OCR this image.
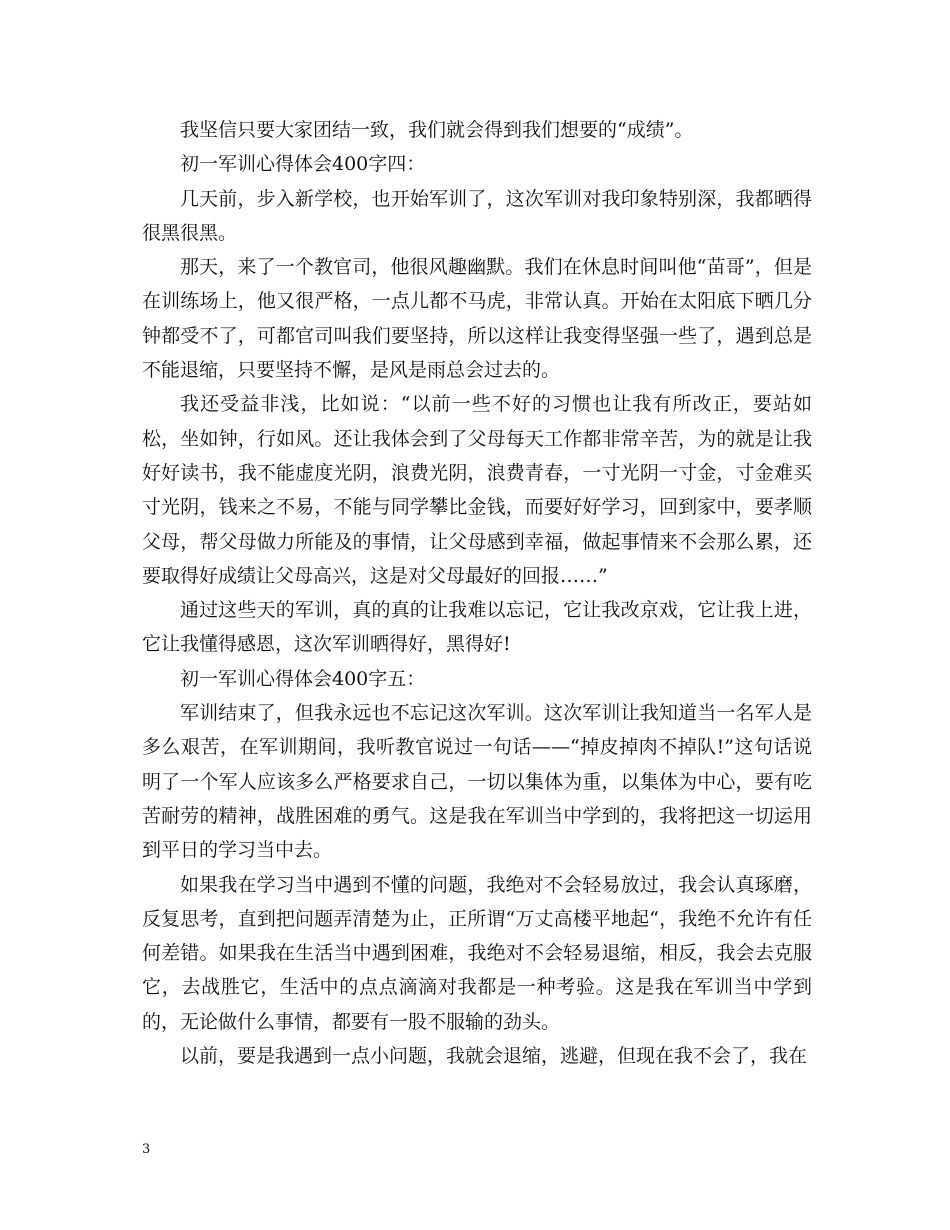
我坚信只要大家团结一致，我们就会得到我们想要的“成绩”。

初一军训心得体会400字四：

几天前，步入新学校，也开始军训了，这次军训对我印象特别深，我都晒得很黑很黑。

那天，来了一个教官司，他很风趣幽默。我们在休息时间叫他“苗哥”，但是在训练场上，他又很严格，一点儿都不马虎，非常认真。开始在太阳底下晒几分钟都受不了，可都官司叫我们要坚持，所以这样让我变得坚强一些了，遇到总是不能退缩，只要坚持不懈，是风是雨总会过去的。

我还受益非浅，比如说：“以前一些不好的习惯也让我有所改正，要站如松，坐如钟，行如风。还让我体会到了父母每天工作都非常辛苦，为的就是让我好好读书，我不能虚度光阴，浪费光阴，浪费青春，一寸光阴一寸金，寸金难买寸光阴，钱来之不易，不能与同学攀比金钱，而要好好学习，回到家中，要孝顺父母，帮父母做力所能及的事情，让父母感到幸福，做起事情来不会那么累，还要取得好成绩让父母高兴，这是对父母最好的回报……”

通过这些天的军训，真的真的让我难以忘记，它让我改京戏，它让我上进，它让我懂得感恩，这次军训晒得好，黑得好!

初一军训心得体会400字五：

军训结束了，但我永远也不忘记这次军训。这次军训让我知道当一名军人是多么艰苦，在军训期间，我听教官说过一句话——“掉皮掉肉不掉队!”这句话说明了一个军人应该多么严格要求自己，一切以集体为重，以集体为中心，要有吃苦耐劳的精神，战胜困难的勇气。这是我在军训当中学到的，我将把这一切运用到平日的学习当中去。

如果我在学习当中遇到不懂的问题，我绝对不会轻易放过，我会认真琢磨，反复思考，直到把问题弄清楚为止，正所谓“万丈高楼平地起“，我绝不允许有任何差错。如果我在生活当中遇到困难，我绝对不会轻易退缩，相反，我会去克服它，去战胜它，生活中的点点滴滴对我都是一种考验。这是我在军训当中学到的，无论做什么事情，都要有一股不服输的劲头。

以前，要是我遇到一点小问题，我就会退缩，逃避，但现在我不会了，我在

3
